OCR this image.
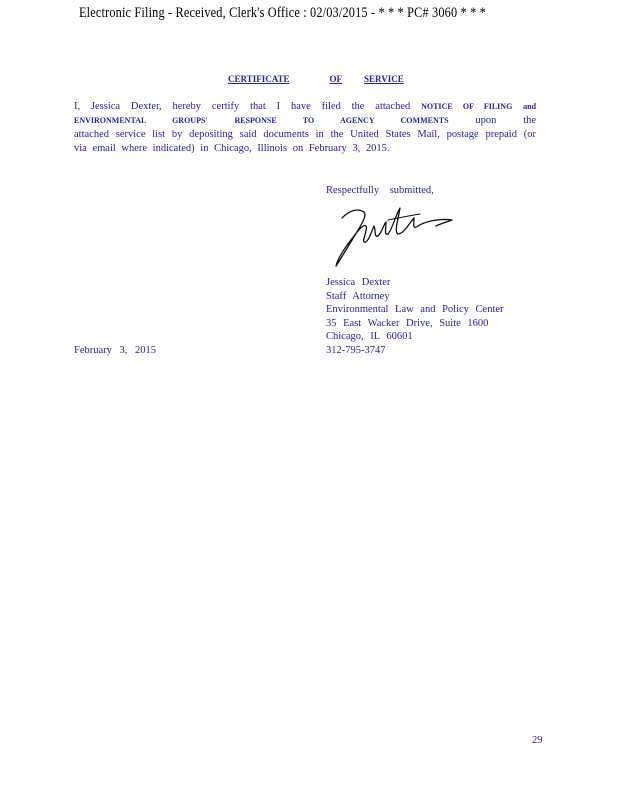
Electronic Filing - Received, Clerk's Office : 02/03/2015 - * * * PC# 3060 * * *
CERTIFICATE	OF SERVICE
I, Jessica Dexter, hereby certify that I have filed the attached NOTICE OF FILING and
ENVIRONMENTAL GROUPS'	RESPONSE TO AGENCY COMMENTS	upon the
attached service list by depositing said documents in the United States Mail, postage prepaid (or
via email where indicated) in Chicago, Illinois on February 3, 2015.
Respectfully submitted,
Jessica Dexter
Staff Attorney
Environmental Law and Policy Center
35 East Wacker Drive, Suite 1600
Chicago, IL 60601
312-795-3747
February 3, 2015
29
